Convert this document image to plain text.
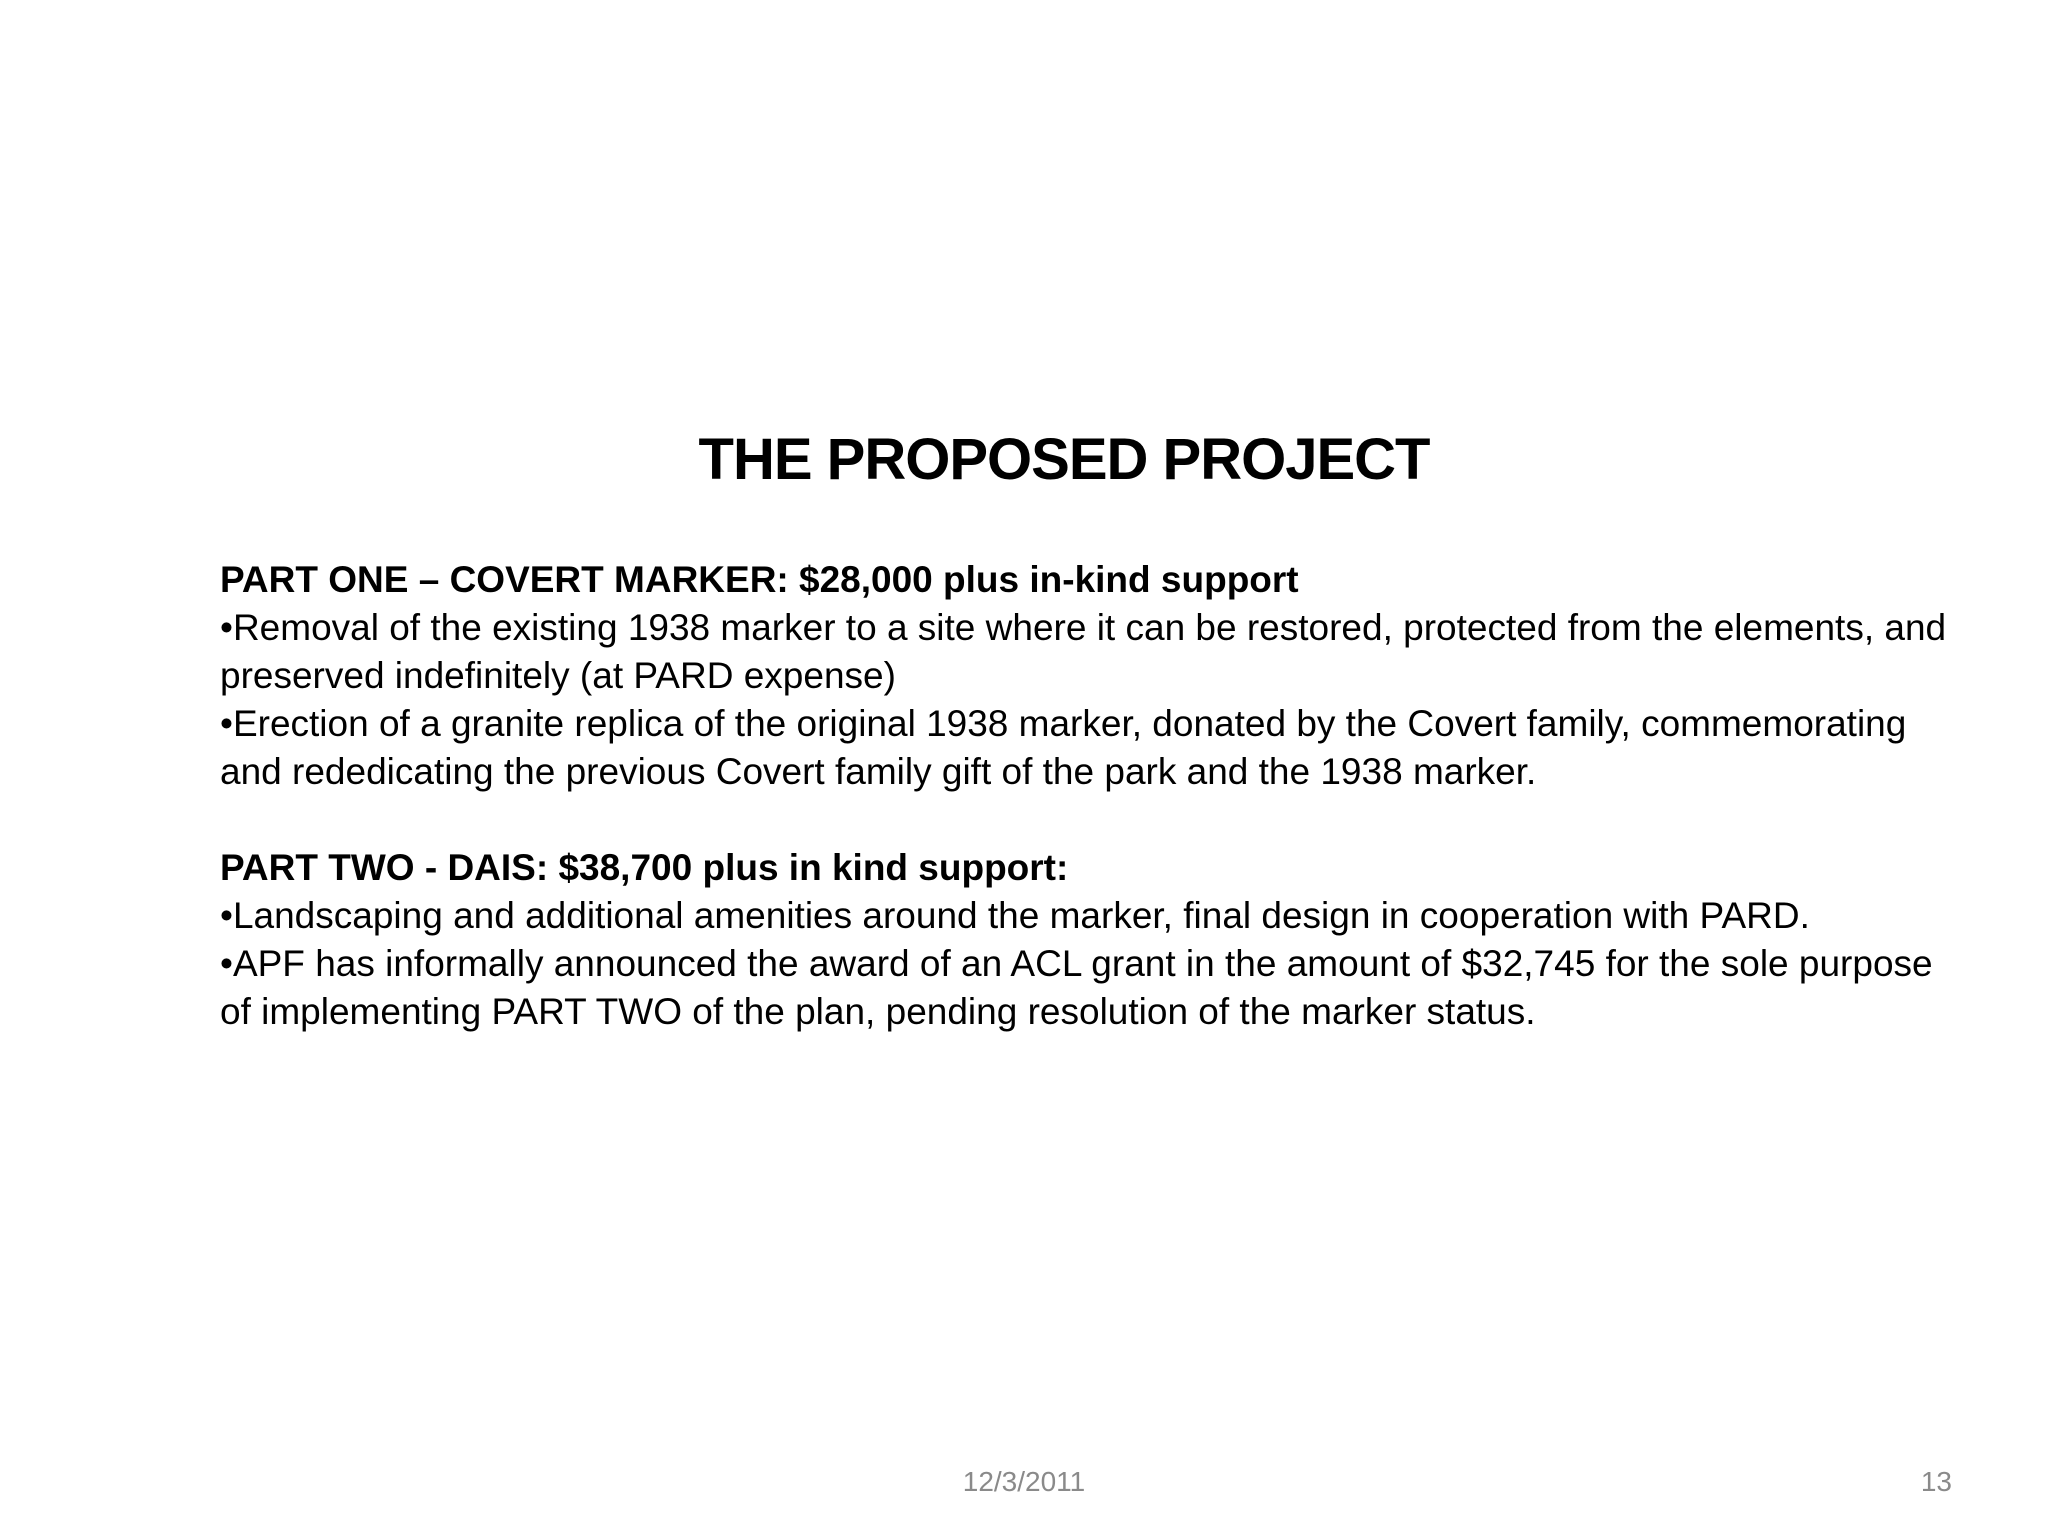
THE PROPOSED PROJECT

PART ONE – COVERT MARKER: $28,000 plus in-kind support

•Removal of the existing 1938 marker to a site where it can be restored, protected from the elements, and preserved indefinitely (at PARD expense)

•Erection of a granite replica of the original 1938 marker, donated by the Covert family, commemorating and rededicating the previous Covert family gift of the park and the 1938 marker.

PART TWO - DAIS: $38,700 plus in kind support:

•Landscaping and additional amenities around the marker, final design in cooperation with PARD.

•APF has informally announced the award of an ACL grant in the amount of $32,745 for the sole purpose of implementing PART TWO of the plan, pending resolution of the marker status.

12/3/2011	13
